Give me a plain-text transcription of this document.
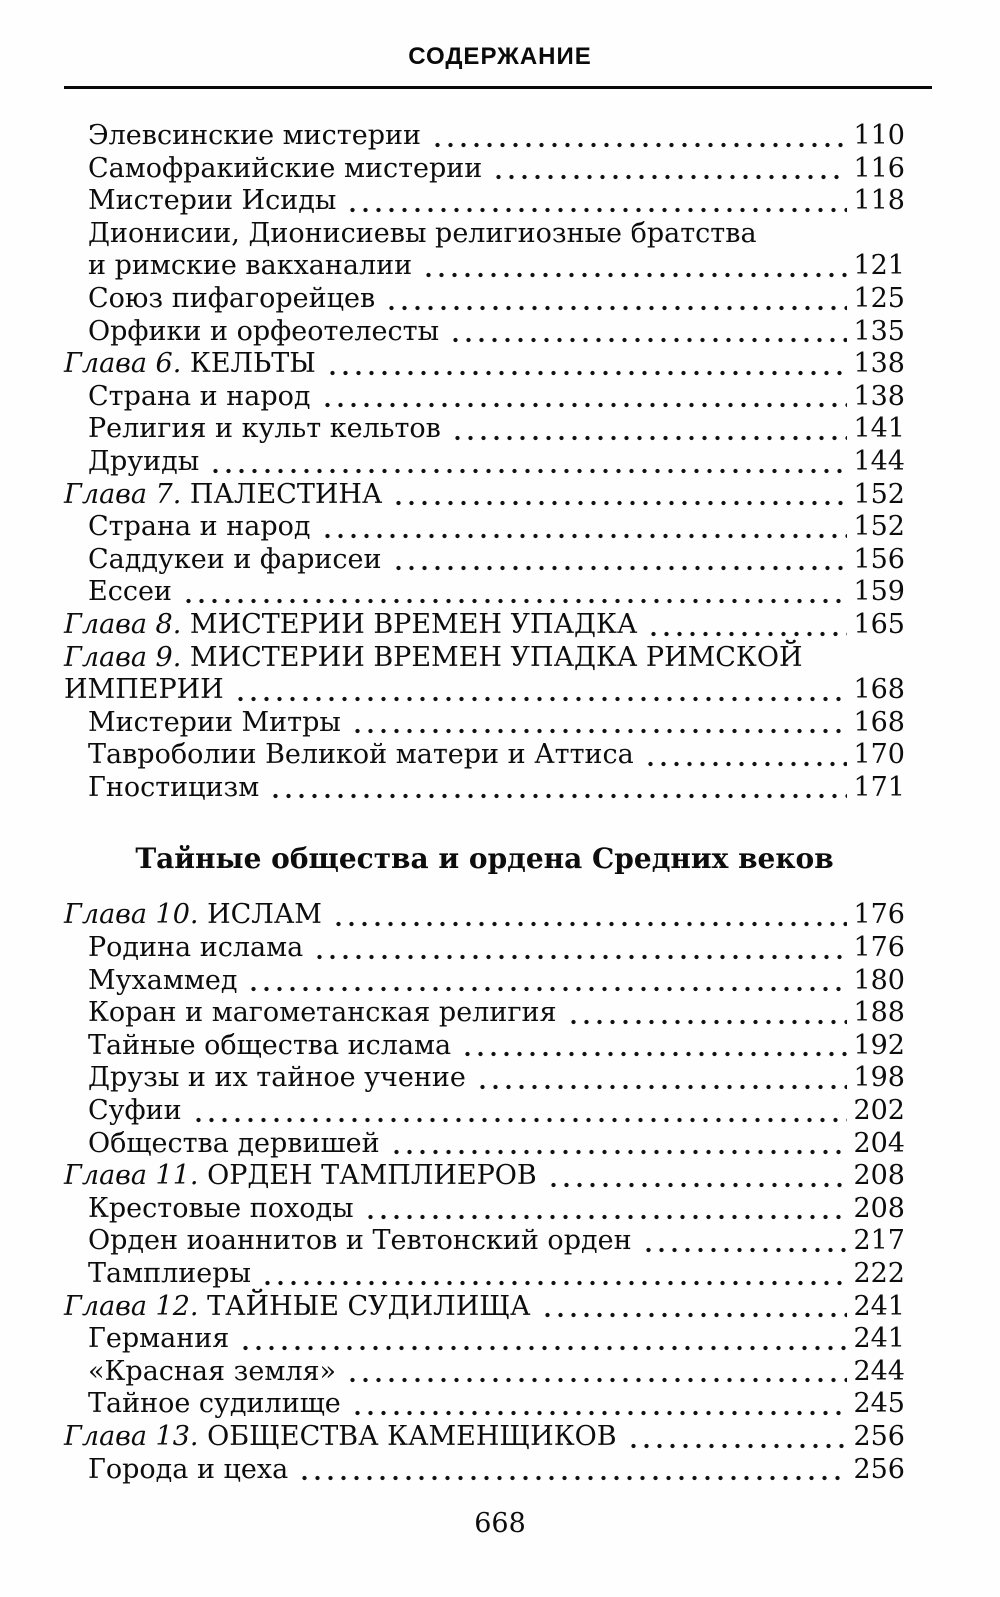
СОДЕРЖАНИЕ
Элевсинские мистерии	110
Самофракийские мистерии	116
Мистерии Исиды	118
Дионисии, Дионисиевы религиозные братства
и римские вакханалии	121
Союз пифагорейцев	125
Орфики и орфеотелесты	135
Глава 6. КЕЛЬТЫ	138
Страна и народ	138
Религия и культ кельтов	141
Друиды	144
Глава 7. ПАЛЕСТИНА	152
Страна и народ	152
Саддукеи и фарисеи	156
Ессеи	159
Глава 8. МИСТЕРИИ ВРЕМЕН УПАДКА	165
Глава 9. МИСТЕРИИ ВРЕМЕН УПАДКА РИМСКОЙ
ИМПЕРИИ	168
Мистерии Митры	168
Тавроболии Великой матери и Аттиса	170
Гностицизм	171
Тайные общества и ордена Средних веков
Глава 10. ИСЛАМ	176
Родина ислама	176
Мухаммед	180
Коран и магометанская религия	188
Тайные общества ислама	192
Друзы и их тайное учение	198
Суфии	202
Общества дервишей	204
Глава 11. ОРДЕН ТАМПЛИЕРОВ	208
Крестовые походы	208
Орден иоаннитов и Тевтонский орден	217
Тамплиеры	222
Глава 12. ТАЙНЫЕ СУДИЛИЩА	241
Германия	241
«Красная земля»	244
Тайное судилище	245
Глава 13. ОБЩЕСТВА КАМЕНЩИКОВ	256
Города и цеха	256
668
